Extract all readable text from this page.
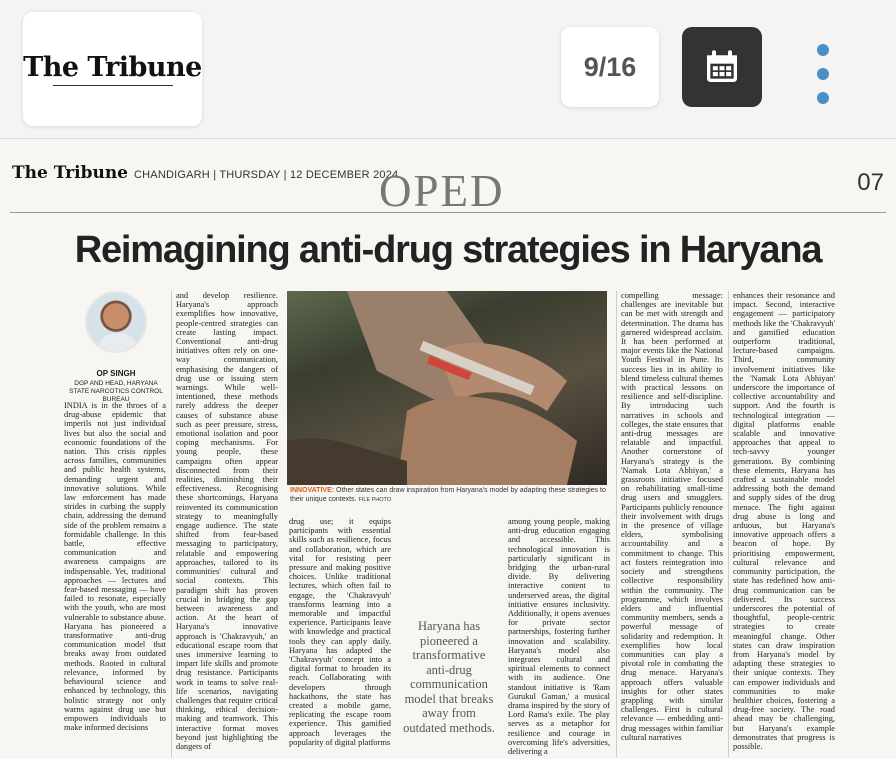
The Tribune	9/16
The Tribune CHANDIGARH | THURSDAY | 12 DECEMBER 2024
OPED	07
Reimagining anti-drug strategies in Haryana
OP SINGH
DGP AND HEAD, HARYANA STATE NARCOTICS CONTROL BUREAU
INDIA is in the throes of a drug-abuse epidemic that imperils not just individual lives but also the social and economic foundations of the nation. This crisis ripples across families, communities and public health systems, demanding urgent and innovative solutions. While law enforcement has made strides in curbing the supply chain, addressing the demand side of the problem remains a formidable challenge. In this battle, effective communication and awareness campaigns are indispensable. Yet, traditional approaches — lectures and fear-based messaging — have failed to resonate, especially with the youth, who are most vulnerable to substance abuse. Haryana has pioneered a transformative anti-drug communication model that breaks away from outdated methods. Rooted in cultural relevance, informed by behavioural science and enhanced by technology, this holistic strategy not only warns against drug use but empowers individuals to make informed decisions
and develop resilience. Haryana's approach exemplifies how innovative, people-centred strategies can create lasting impact. Conventional anti-drug initiatives often rely on one-way communication, emphasising the dangers of drug use or issuing stern warnings. While well-intentioned, these methods rarely address the deeper causes of substance abuse such as peer pressure, stress, emotional isolation and poor coping mechanisms. For young people, these campaigns often appear disconnected from their realities, diminishing their effectiveness. Recognising these shortcomings, Haryana reinvented its communication strategy to meaningfully engage audience. The state shifted from fear-based messaging to participatory, relatable and empowering approaches, tailored to its communities' cultural and social contexts. This paradigm shift has proven crucial in bridging the gap between awareness and action. At the heart of Haryana's innovative approach is 'Chakravyuh,' an educational escape room that uses immersive learning to impart life skills and promote drug resistance. Participants work in teams to solve real-life scenarios, navigating challenges that require critical thinking, ethical decision-making and teamwork. This interactive format moves beyond just highlighting the dangers of
INNOVATIVE: Other states can draw inspiration from Haryana's model by adapting these strategies to their unique contexts. FILE PHOTO
drug use; it equips participants with essential skills such as resilience, focus and collaboration, which are vital for resisting peer pressure and making positive choices. Unlike traditional lectures, which often fail to engage, the 'Chakravyuh' transforms learning into a memorable and impactful experience. Participants leave with knowledge and practical tools they can apply daily. Haryana has adapted the 'Chakravyuh' concept into a digital format to broaden its reach. Collaborating with developers through hackathons, the state has created a mobile game, replicating the escape room experience. This gamified approach leverages the popularity of digital platforms
Haryana has pioneered a transformative anti-drug communication model that breaks away from outdated methods.
among young people, making anti-drug education engaging and accessible. This technological innovation is particularly significant in bridging the urban-rural divide. By delivering interactive content to underserved areas, the digital initiative ensures inclusivity. Additionally, it opens avenues for private sector partnerships, fostering further innovation and scalability. Haryana's model also integrates cultural and spiritual elements to connect with its audience. One standout initiative is 'Ram Gurukul Gaman,' a musical drama inspired by the story of Lord Rama's exile. The play serves as a metaphor for resilience and courage in overcoming life's adversities, delivering a
compelling message: challenges are inevitable but can be met with strength and determination. The drama has garnered widespread acclaim. It has been performed at major events like the National Youth Festival in Pune. Its success lies in its ability to blend timeless cultural themes with practical lessons on resilience and self-discipline. By introducing such narratives in schools and colleges, the state ensures that anti-drug messages are relatable and impactful. Another cornerstone of Haryana's strategy is the 'Namak Lota Abhiyan,' a grassroots initiative focused on rehabilitating small-time drug users and smugglers. Participants publicly renounce their involvement with drugs in the presence of village elders, symbolising accountability and a commitment to change. This act fosters reintegration into society and strengthens collective responsibility within the community. The programme, which involves elders and influential community members, sends a powerful message of solidarity and redemption. It exemplifies how local communities can play a pivotal role in combating the drug menace. Haryana's approach offers valuable insights for other states grappling with similar challenges. First is cultural relevance — embedding anti-drug messages within familiar cultural narratives
enhances their resonance and impact. Second, interactive engagement — participatory methods like the 'Chakravyuh' and gamified education outperform traditional, lecture-based campaigns. Third, community involvement initiatives like the 'Namak Lota Abhiyan' underscore the importance of collective accountability and support. And the fourth is technological integration — digital platforms enable scalable and innovative approaches that appeal to tech-savvy younger generations. By combining these elements, Haryana has crafted a sustainable model addressing both the demand and supply sides of the drug menace. The fight against drug abuse is long and arduous, but Haryana's innovative approach offers a beacon of hope. By prioritising empowerment, cultural relevance and community participation, the state has redefined how anti-drug communication can be delivered. Its success underscores the potential of thoughtful, people-centric strategies to create meaningful change. Other states can draw inspiration from Haryana's model by adapting these strategies to their unique contexts. They can empower individuals and communities to make healthier choices, fostering a drug-free society. The road ahead may be challenging, but Haryana's example demonstrates that progress is possible.
